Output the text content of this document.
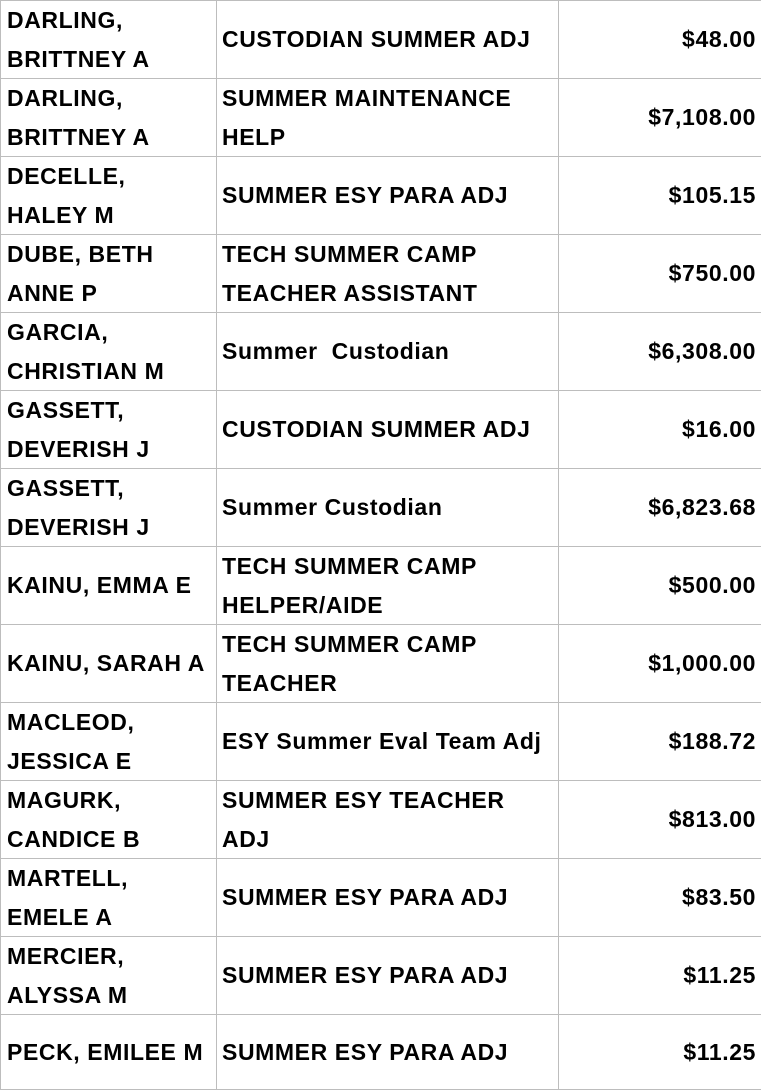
DARLING, BRITTNEY A	CUSTODIAN SUMMER ADJ	$48.00
DARLING, BRITTNEY A	SUMMER MAINTENANCE HELP	$7,108.00
DECELLE, HALEY M	SUMMER ESY PARA ADJ	$105.15
DUBE, BETH ANNE P	TECH SUMMER CAMP TEACHER ASSISTANT	$750.00
GARCIA, CHRISTIAN M	Summer  Custodian	$6,308.00
GASSETT, DEVERISH J	CUSTODIAN SUMMER ADJ	$16.00
GASSETT, DEVERISH J	Summer Custodian	$6,823.68
KAINU, EMMA E	TECH SUMMER CAMP HELPER/AIDE	$500.00
KAINU, SARAH A	TECH SUMMER CAMP TEACHER	$1,000.00
MACLEOD, JESSICA E	ESY Summer Eval Team Adj	$188.72
MAGURK, CANDICE B	SUMMER ESY TEACHER ADJ	$813.00
MARTELL, EMELE A	SUMMER ESY PARA ADJ	$83.50
MERCIER, ALYSSA M	SUMMER ESY PARA ADJ	$11.25
PECK, EMILEE M	SUMMER ESY PARA ADJ	$11.25
